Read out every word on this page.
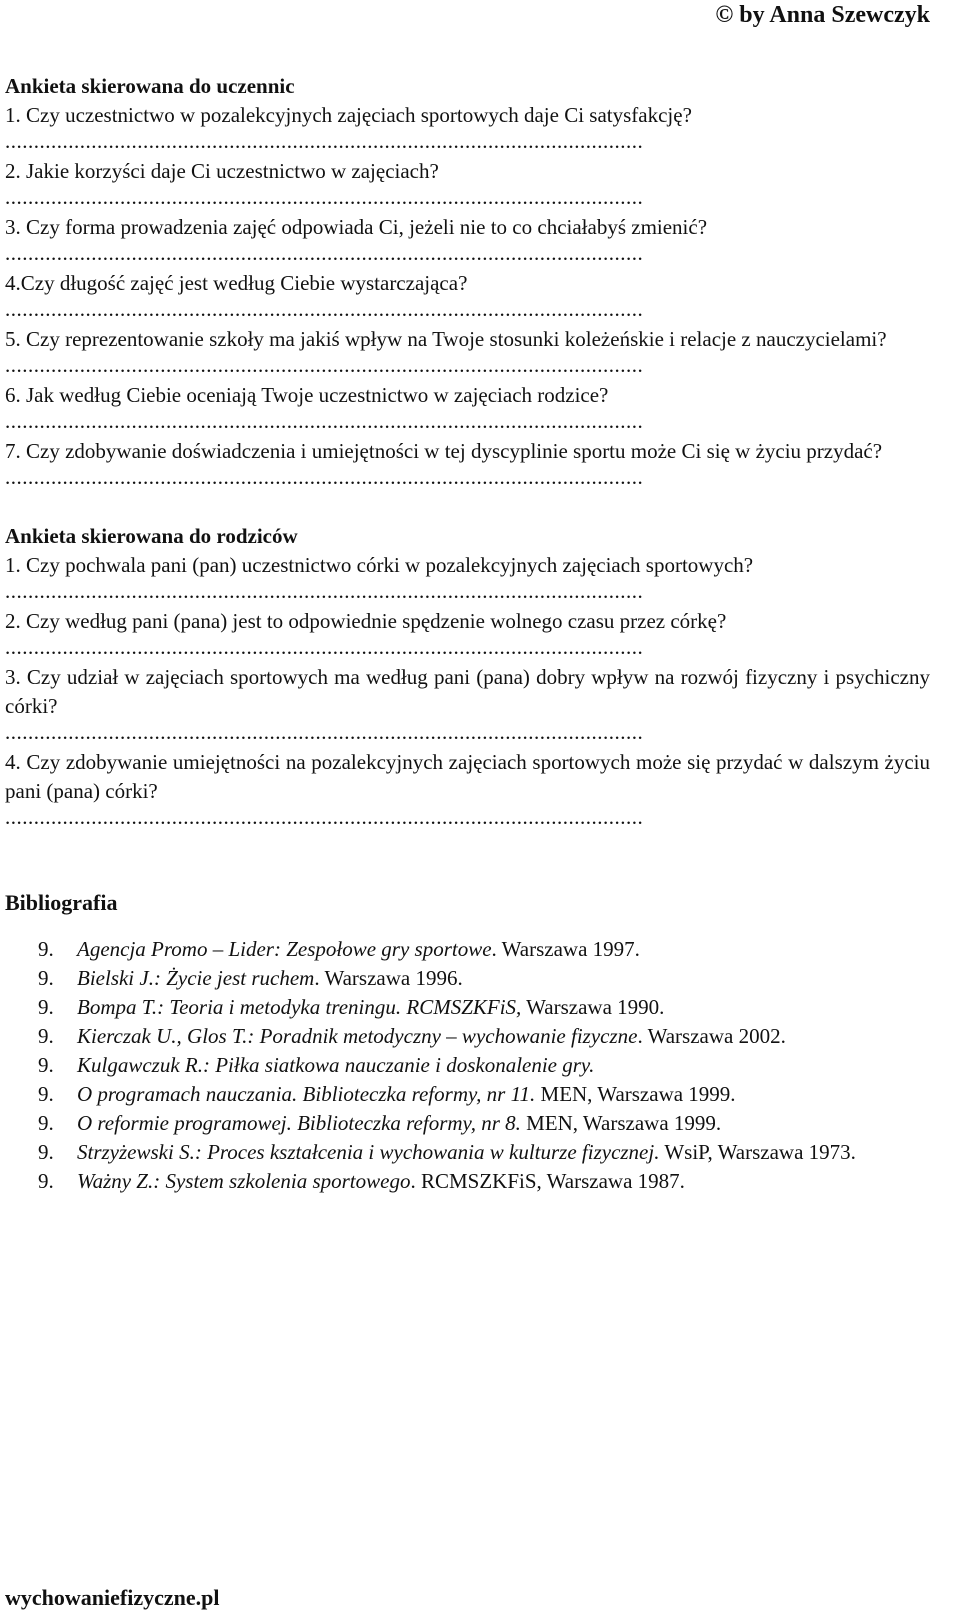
© by Anna Szewczyk
Ankieta skierowana do uczennic
1. Czy uczestnictwo w pozalekcyjnych zajęciach sportowych daje Ci satysfakcję?
...............................................................................................................
2. Jakie korzyści daje Ci uczestnictwo w zajęciach?
...............................................................................................................
3. Czy forma prowadzenia zajęć odpowiada Ci, jeżeli nie to co chciałabyś zmienić?
...............................................................................................................
4.Czy długość zajęć jest według Ciebie wystarczająca?
...............................................................................................................
5. Czy reprezentowanie szkoły ma jakiś wpływ na Twoje stosunki koleżeńskie i relacje z nauczycielami?
...............................................................................................................
6. Jak według Ciebie oceniają Twoje uczestnictwo w zajęciach rodzice?
...............................................................................................................
7. Czy zdobywanie doświadczenia i umiejętności w tej dyscyplinie sportu może Ci się w życiu przydać?
...............................................................................................................
Ankieta skierowana do rodziców
1. Czy pochwala pani (pan) uczestnictwo córki w pozalekcyjnych zajęciach sportowych?
...............................................................................................................
2. Czy według pani (pana) jest to odpowiednie spędzenie wolnego czasu przez córkę?
...............................................................................................................
3. Czy udział w zajęciach sportowych ma według pani (pana) dobry wpływ na rozwój fizyczny i psychiczny córki?
...............................................................................................................
4. Czy zdobywanie umiejętności na pozalekcyjnych zajęciach sportowych może się przydać w dalszym życiu pani (pana) córki?
...............................................................................................................
Bibliografia
9.	Agencja Promo – Lider: Zespołowe gry sportowe. Warszawa 1997.
9.	Bielski J.: Życie jest ruchem. Warszawa 1996.
9.	Bompa T.: Teoria i metodyka treningu. RCMSZKFiS, Warszawa 1990.
9.	Kierczak U., Glos T.: Poradnik metodyczny – wychowanie fizyczne. Warszawa 2002.
9.	Kulgawczuk R.: Piłka siatkowa nauczanie i doskonalenie gry.
9.	O programach nauczania. Biblioteczka reformy, nr 11. MEN, Warszawa 1999.
9.	O reformie programowej. Biblioteczka reformy, nr 8. MEN, Warszawa 1999.
9.	Strzyżewski S.: Proces kształcenia i wychowania w kulturze fizycznej. WsiP, Warszawa 1973.
9.	Ważny Z.: System szkolenia sportowego. RCMSZKFiS, Warszawa 1987.
wychowaniefizyczne.pl
